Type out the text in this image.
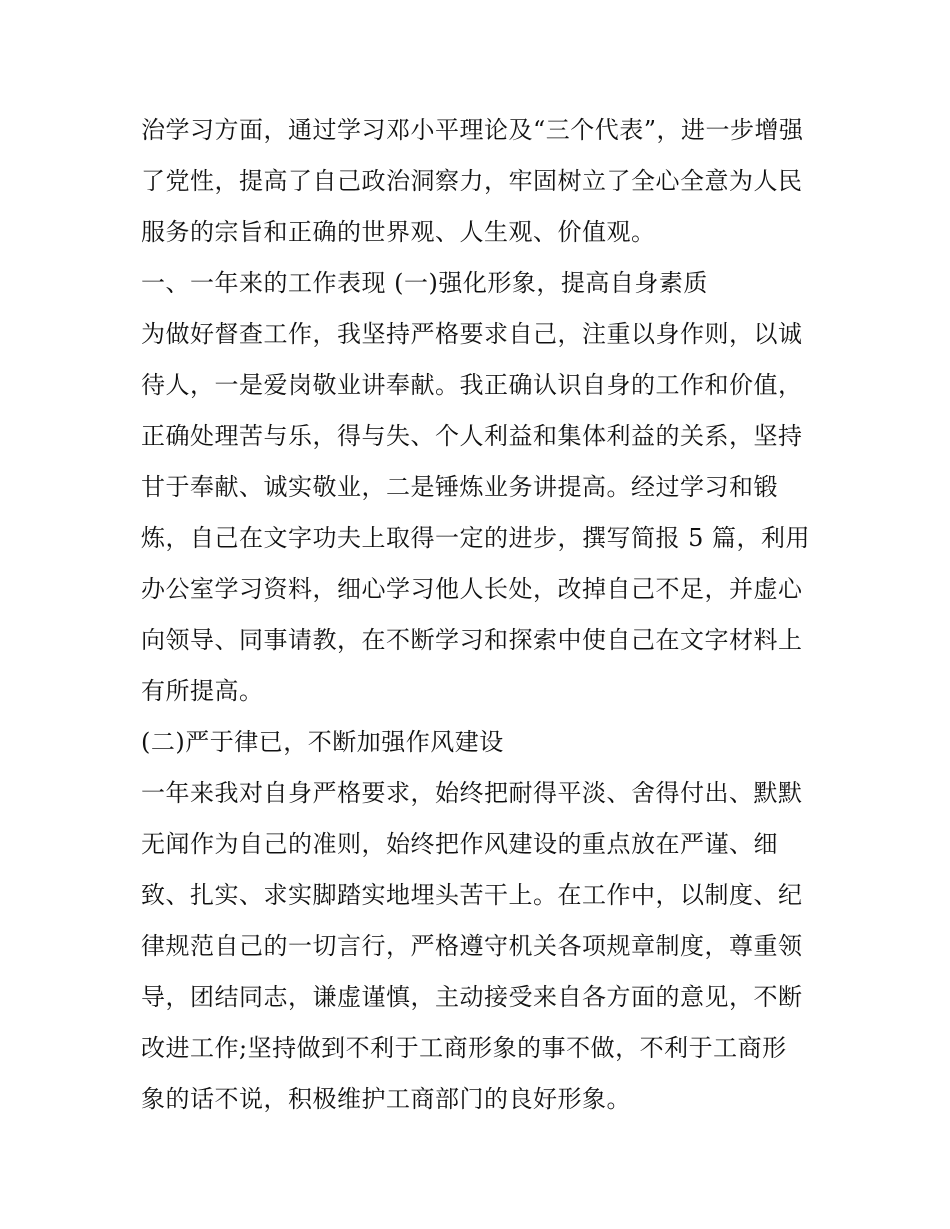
治学习方面，通过学习邓小平理论及“三个代表”，进一步增强
了党性，提高了自己政治洞察力，牢固树立了全心全意为人民
服务的宗旨和正确的世界观、人生观、价值观。
一、一年来的工作表现 (一)强化形象，提高自身素质
为做好督查工作，我坚持严格要求自己，注重以身作则，以诚
待人，一是爱岗敬业讲奉献。我正确认识自身的工作和价值，
正确处理苦与乐，得与失、个人利益和集体利益的关系，坚持
甘于奉献、诚实敬业，二是锤炼业务讲提高。经过学习和锻
炼，自己在文字功夫上取得一定的进步，撰写简报 5 篇，利用
办公室学习资料，细心学习他人长处，改掉自己不足，并虚心
向领导、同事请教，在不断学习和探索中使自己在文字材料上
有所提高。
(二)严于律已，不断加强作风建设
一年来我对自身严格要求，始终把耐得平淡、舍得付出、默默
无闻作为自己的准则，始终把作风建设的重点放在严谨、细
致、扎实、求实脚踏实地埋头苦干上。在工作中，以制度、纪
律规范自己的一切言行，严格遵守机关各项规章制度，尊重领
导，团结同志，谦虚谨慎，主动接受来自各方面的意见，不断
改进工作;坚持做到不利于工商形象的事不做，不利于工商形
象的话不说，积极维护工商部门的良好形象。
